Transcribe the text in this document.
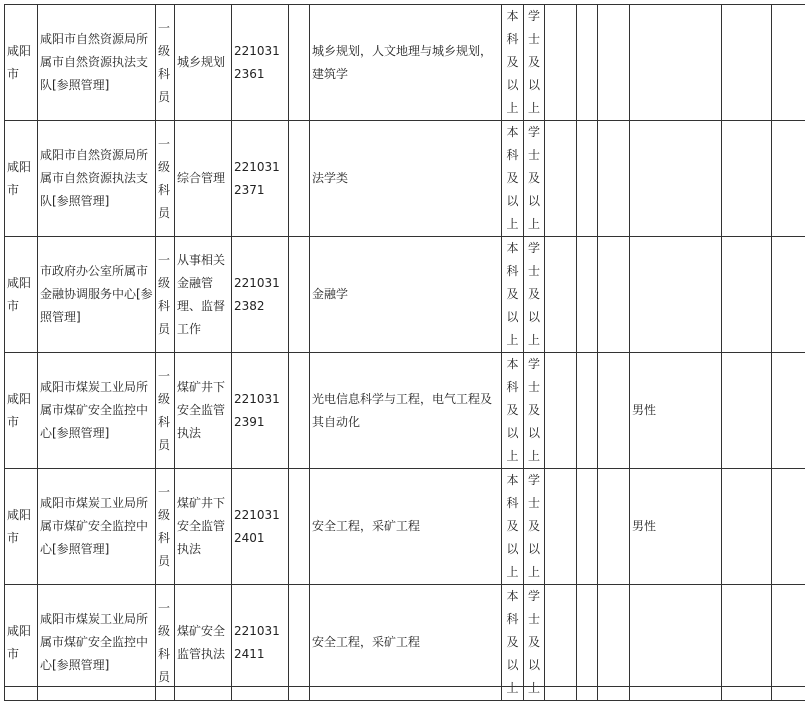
咸阳市	咸阳市自然资源局所属市自然资源执法支队[参照管理]	一级科员	城乡规划	2210312361		城乡规划，人文地理与城乡规划，建筑学	本科及以上	学士及以上						
咸阳市	咸阳市自然资源局所属市自然资源执法支队[参照管理]	一级科员	综合管理	2210312371		法学类	本科及以上	学士及以上						
咸阳市	市政府办公室所属市金融协调服务中心[参照管理]	一级科员	从事相关金融管理、监督工作	2210312382		金融学	本科及以上	学士及以上						
咸阳市	咸阳市煤炭工业局所属市煤矿安全监控中心[参照管理]	一级科员	煤矿井下安全监管执法	2210312391		光电信息科学与工程，电气工程及其自动化	本科及以上	学士及以上				男性		
咸阳市	咸阳市煤炭工业局所属市煤矿安全监控中心[参照管理]	一级科员	煤矿井下安全监管执法	2210312401		安全工程，采矿工程	本科及以上	学士及以上				男性		
咸阳市	咸阳市煤炭工业局所属市煤矿安全监控中心[参照管理]	一级科员	煤矿安全监管执法	2210312411		安全工程，采矿工程	本科及以上	学士及以上						
